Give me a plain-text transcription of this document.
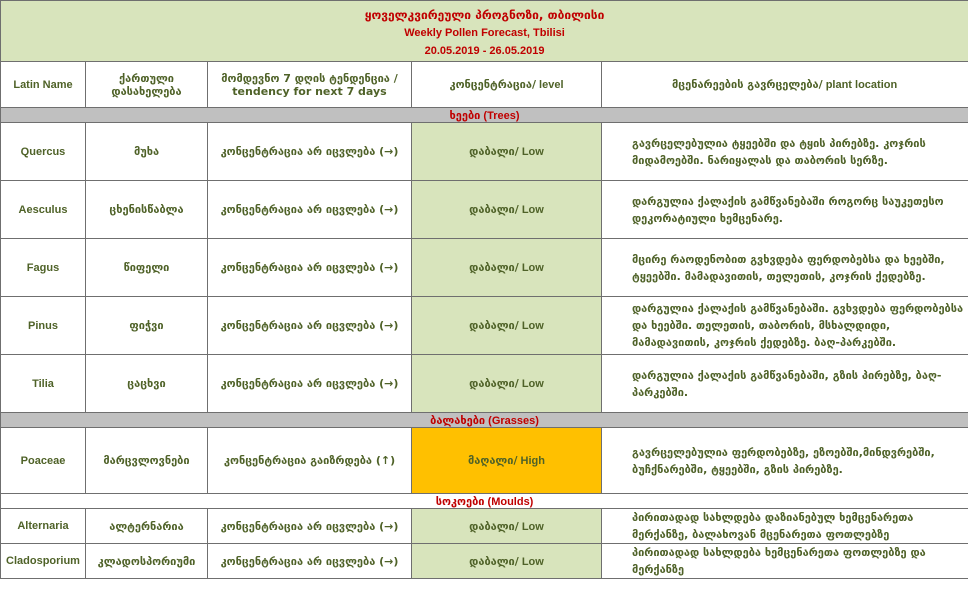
ყოველკვირეული პროგნოზი, თბილისი
Weekly Pollen Forecast, Tbilisi
20.05.2019 - 26.05.2019				

Latin Name	ქართული დასახელება	მომდევნო 7 დღის ტენდენცია / tendency for next 7 days	კონცენტრაცია/ level	მცენარეების გავრცელება/ plant location
ხეები (Trees)				
Quercus	მუხა	კონცენტრაცია არ იცვლება (→)	დაბალი/ Low	გავრცელებულია ტყეებში და ტყის პირებზე. კოჯრის მიდამოებში. ნარიყალას და თაბორის სერზე.
Aesculus	ცხენისწაბლა	კონცენტრაცია არ იცვლება (→)	დაბალი/ Low	დარგულია ქალაქის გამწვანებაში როგორც საუკეთესო დეკორატიული ხემცენარე.
Fagus	წიფელი	კონცენტრაცია არ იცვლება (→)	დაბალი/ Low	მცირე რაოდენობით გვხვდება ფერდობებსა და ხეებში, ტყეებში. მამადავითის, თელეთის, კოჯრის ქედებზე.
Pinus	ფიჭვი	კონცენტრაცია არ იცვლება (→)	დაბალი/ Low	დარგულია ქალაქის გამწვანებაში. გვხვდება ფერდობებსა და ხეებში. თელეთის, თაბორის, მსხალდიდი, მამადავითის, კოჯრის ქედებზე. ბაღ-პარკებში.
Tilia	ცაცხვი	კონცენტრაცია არ იცვლება (→)	დაბალი/ Low	დარგულია ქალაქის გამწვანებაში, გზის პირებზე, ბაღ-პარკებში.
ბალახები (Grasses)				
Poaceae	მარცვლოვნები	კონცენტრაცია გაიზრდება (↑)	მაღალი/ High	გავრცელებულია ფერდობებზე, ეზოებში,მინდვრებში, ბუჩქნარებში, ტყეებში, გზის პირებზე.
სოკოები (Moulds)				
Alternaria	ალტერნარია	კონცენტრაცია არ იცვლება (→)	დაბალი/ Low	პირითადად სახლდება დაზიანებულ ხემცენარეთა მერქანზე, ბალახოვან მცენარეთა ფოთლებზე
Cladosporium	კლადოსპორიუმი	კონცენტრაცია არ იცვლება (→)	დაბალი/ Low	პირითადად სახლდება ხემცენარეთა ფოთლებზე და მერქანზე
